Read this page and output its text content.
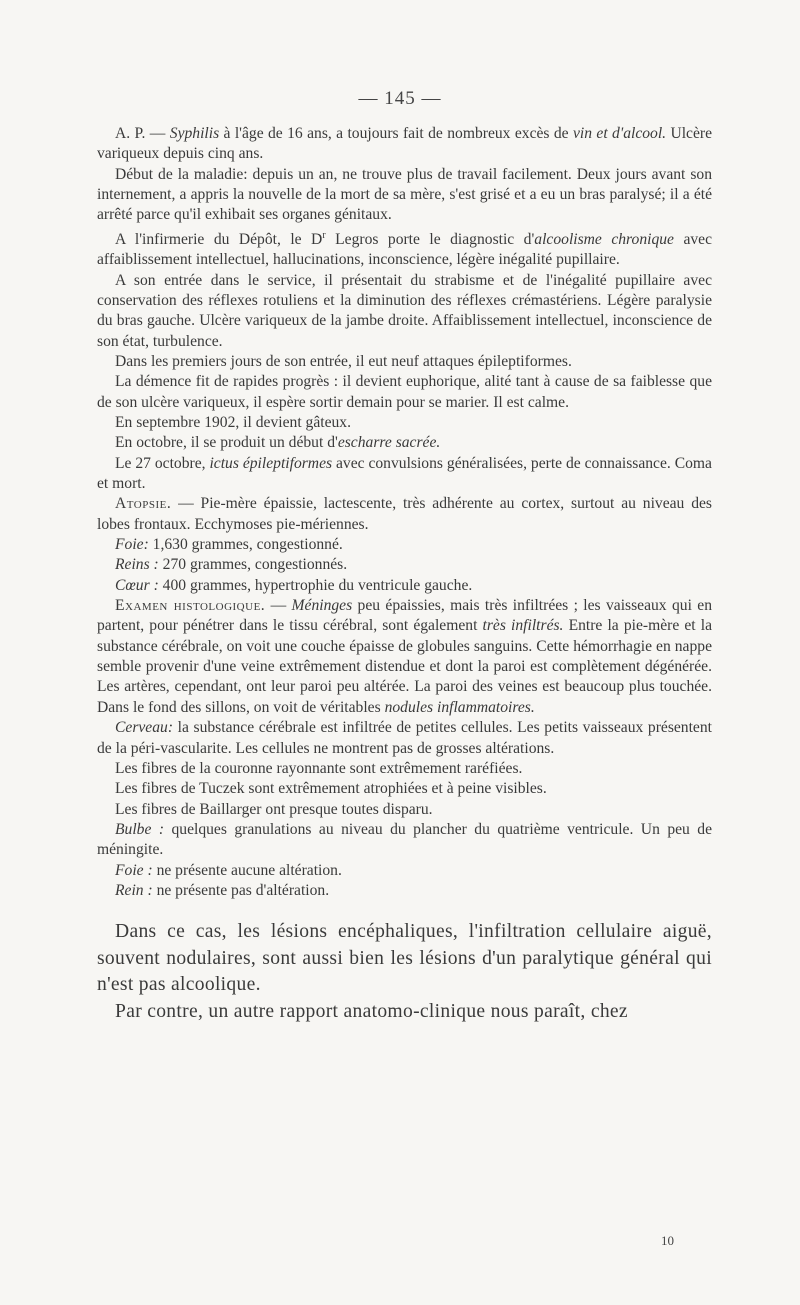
— 145 —

A. P. — Syphilis à l'âge de 16 ans, a toujours fait de nombreux excès de vin et d'alcool. Ulcère variqueux depuis cinq ans.

Début de la maladie: depuis un an, ne trouve plus de travail facilement. Deux jours avant son internement, a appris la nouvelle de la mort de sa mère, s'est grisé et a eu un bras paralysé; il a été arrêté parce qu'il exhibait ses organes génitaux.

A l'infirmerie du Dépôt, le $D^r$ Legros porte le diagnostic d'alcoolisme chronique avec affaiblissement intellectuel, hallucinations, inconscience, légère inégalité pupillaire.

A son entrée dans le service, il présentait du strabisme et de l'inégalité pupillaire avec conservation des réflexes rotuliens et la diminution des réflexes crémastériens. Légère paralysie du bras gauche. Ulcère variqueux de la jambe droite. Affaiblissement intellectuel, inconscience de son état, turbulence.

Dans les premiers jours de son entrée, il eut neuf attaques épileptiformes.

La démence fit de rapides progrès : il devient euphorique, alité tant à cause de sa faiblesse que de son ulcère variqueux, il espère sortir demain pour se marier. Il est calme.

En septembre 1902, il devient gâteux.

En octobre, il se produit un début d'escharre sacrée.

Le 27 octobre, ictus épileptiformes avec convulsions généralisées, perte de connaissance. Coma et mort.

Atopsie. — Pie-mère épaissie, lactescente, très adhérente au cortex, surtout au niveau des lobes frontaux. Ecchymoses pie-mériennes.

Foie: 1,630 grammes, congestionné.

Reins : 270 grammes, congestionnés.

Cœur : 400 grammes, hypertrophie du ventricule gauche.

Examen histologique. — Méninges peu épaissies, mais très infiltrées ; les vaisseaux qui en partent, pour pénétrer dans le tissu cérébral, sont également très infiltrés. Entre la pie-mère et la substance cérébrale, on voit une couche épaisse de globules sanguins. Cette hémorrhagie en nappe semble provenir d'une veine extrêmement distendue et dont la paroi est complètement dégénérée. Les artères, cependant, ont leur paroi peu altérée. La paroi des veines est beaucoup plus touchée. Dans le fond des sillons, on voit de véritables nodules inflammatoires.

Cerveau: la substance cérébrale est infiltrée de petites cellules. Les petits vaisseaux présentent de la péri-vascularite. Les cellules ne montrent pas de grosses altérations.

Les fibres de la couronne rayonnante sont extrêmement raréfiées.

Les fibres de Tuczek sont extrêmement atrophiées et à peine visibles.

Les fibres de Baillarger ont presque toutes disparu.

Bulbe : quelques granulations au niveau du plancher du quatrième ventricule. Un peu de méningite.

Foie : ne présente aucune altération.

Rein : ne présente pas d'altération.

Dans ce cas, les lésions encéphaliques, l'infiltration cellulaire aiguë, souvent nodulaires, sont aussi bien les lésions d'un paralytique général qui n'est pas alcoolique.

Par contre, un autre rapport anatomo-clinique nous paraît, chez

10
